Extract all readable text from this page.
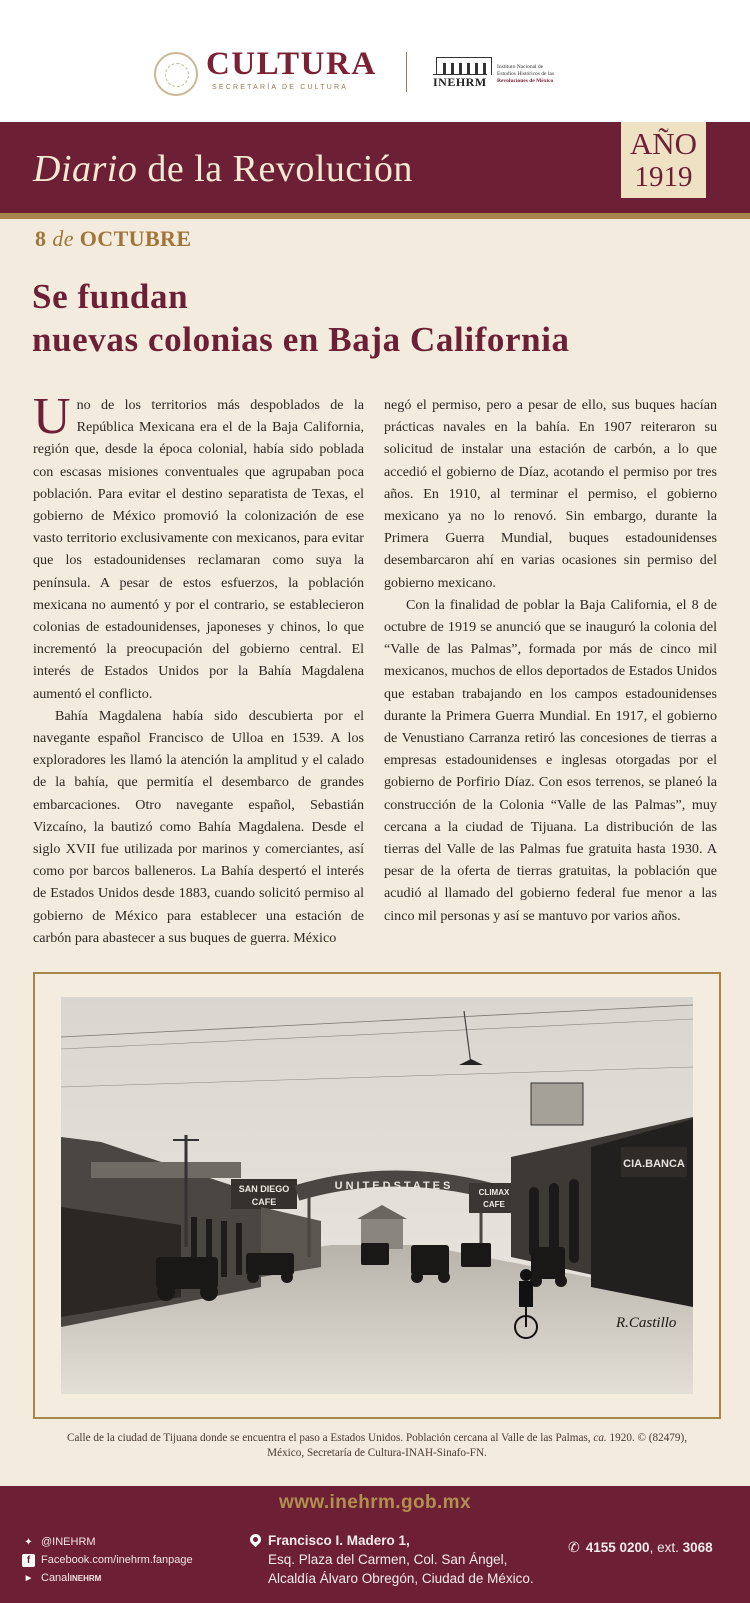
CULTURA
SECRETARÍA DE CULTURA	INEHRM
Instituto Nacional de
Estudios Históricos de las
Revoluciones de México
Diario de la Revolución
AÑO
1919
8 de OCTUBRE
Se fundan
nuevas colonias en Baja California

Uno de los territorios más despoblados de la República Mexicana era el de la Baja California, región que, desde la época colonial, había sido poblada con escasas misiones conventuales que agrupaban poca población. Para evitar el destino separatista de Texas, el gobierno de México promovió la colonización de ese vasto territorio exclusivamente con mexicanos, para evitar que los estadounidenses reclamaran como suya la península. A pesar de estos esfuerzos, la población mexicana no aumentó y por el contrario, se establecieron colonias de estadounidenses, japoneses y chinos, lo que incrementó la preocupación del gobierno central. El interés de Estados Unidos por la Bahía Magdalena aumentó el conflicto.

Bahía Magdalena había sido descubierta por el navegante español Francisco de Ulloa en 1539. A los exploradores les llamó la atención la amplitud y el calado de la bahía, que permitía el desembarco de grandes embarcaciones. Otro navegante español, Sebastián Vizcaíno, la bautizó como Bahía Magdalena. Desde el siglo XVII fue utilizada por marinos y comerciantes, así como por barcos balleneros. La Bahía despertó el interés de Estados Unidos desde 1883, cuando solicitó permiso al gobierno de México para establecer una estación de carbón para abastecer a sus buques de guerra. México

negó el permiso, pero a pesar de ello, sus buques hacían prácticas navales en la bahía. En 1907 reiteraron su solicitud de instalar una estación de carbón, a lo que accedió el gobierno de Díaz, acotando el permiso por tres años. En 1910, al terminar el permiso, el gobierno mexicano ya no lo renovó. Sin embargo, durante la Primera Guerra Mundial, buques estadounidenses desembarcaron ahí en varias ocasiones sin permiso del gobierno mexicano.

Con la finalidad de poblar la Baja California, el 8 de octubre de 1919 se anunció que se inauguró la colonia del “Valle de las Palmas”, formada por más de cinco mil mexicanos, muchos de ellos deportados de Estados Unidos que estaban trabajando en los campos estadounidenses durante la Primera Guerra Mundial. En 1917, el gobierno de Venustiano Carranza retiró las concesiones de tierras a empresas estadounidenses e inglesas otorgadas por el gobierno de Porfirio Díaz. Con esos terrenos, se planeó la construcción de la Colonia “Valle de las Palmas”, muy cercana a la ciudad de Tijuana. La distribución de las tierras del Valle de las Palmas fue gratuita hasta 1930. A pesar de la oferta de tierras gratuitas, la población que acudió al llamado del gobierno federal fue menor a las cinco mil personas y así se mantuvo por varios años.

SAN DIEGO
CAFE
UNITEDSTATES
CLIMAX
CAFE
CIA.BANCA
R.Castillo
Calle de la ciudad de Tijuana donde se encuentra el paso a Estados Unidos. Población cercana al Valle de las Palmas, ca. 1920. © (82479),
México, Secretaría de Cultura-INAH-Sinafo-FN.
www.inehrm.gob.mx
✦ @INEHRM
f Facebook.com/inehrm.fanpage
▶ Canal INEHRM
Francisco I. Madero 1,
Esq. Plaza del Carmen, Col. San Ángel,
Alcaldía Álvaro Obregón, Ciudad de México.
✆ 4155 0200, ext. 3068
